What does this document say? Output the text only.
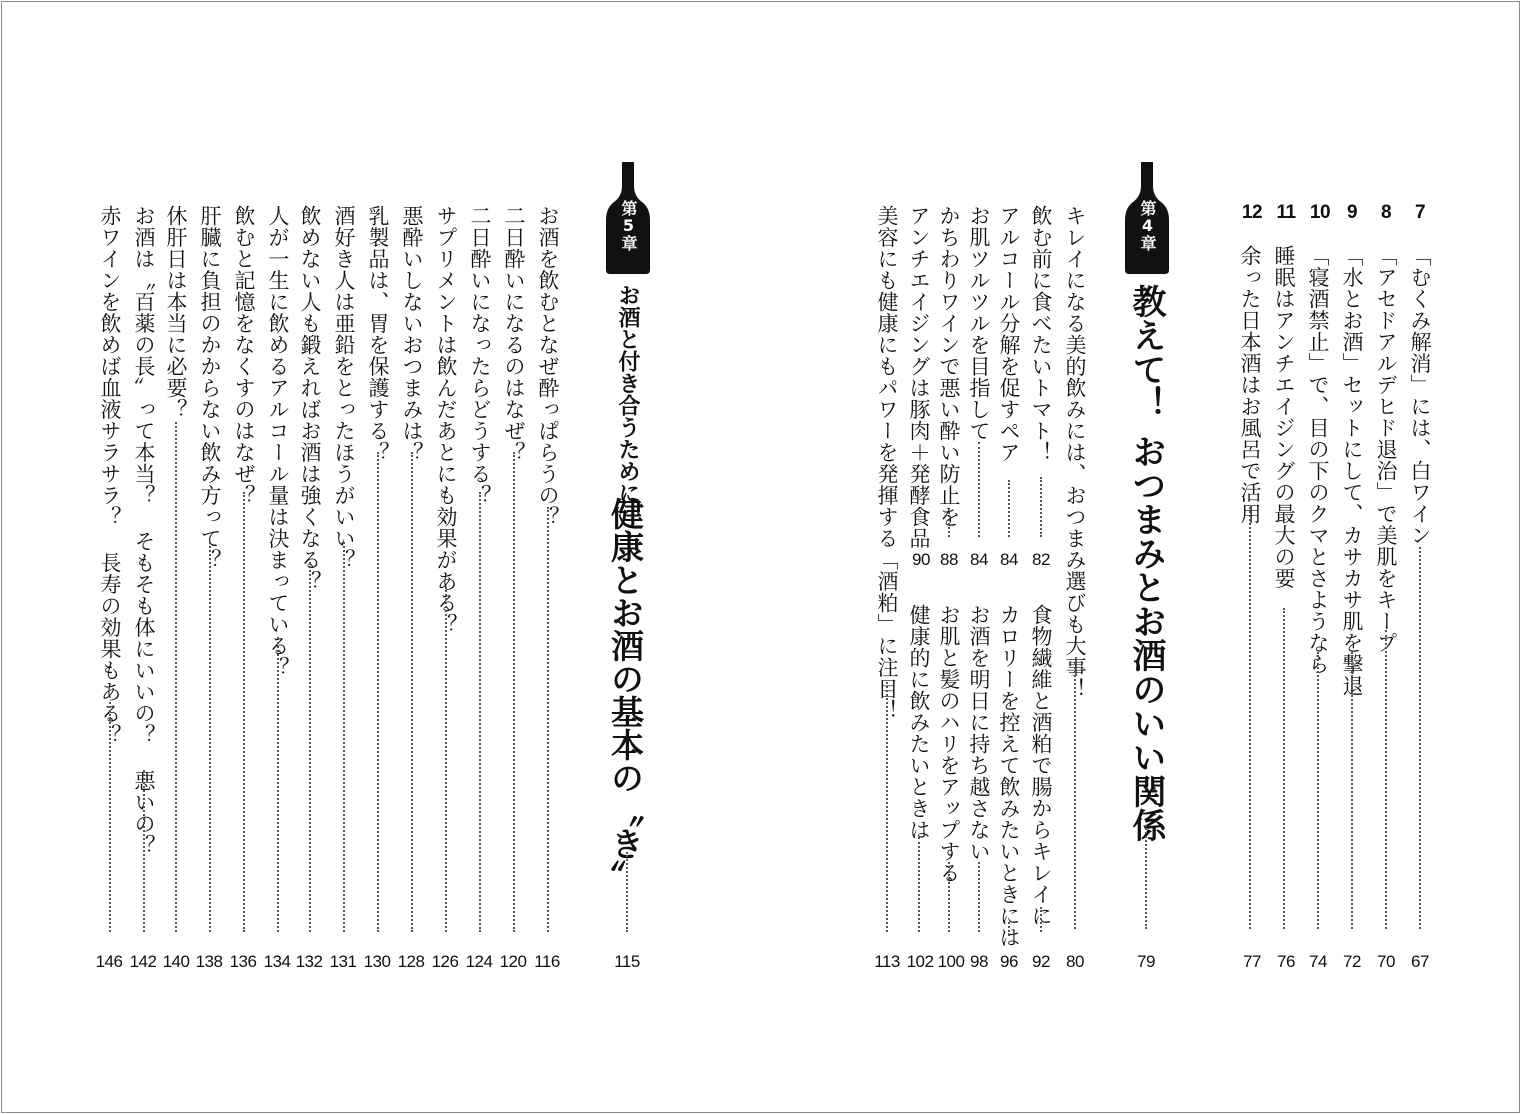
7
「むくみ解消」には、白ワイン
67
8
「アセドアルデヒド退治」で美肌をキープ
70
9
「水とお酒」セットにして、カサカサ肌を撃退
72
10
「寝酒禁止」で、目の下のクマとさようなら
74
11
睡眠はアンチエイジングの最大の要
76
12
余った日本酒はお風呂で活用
77
第4章
教えて！
おつまみとお酒のいい関係
79
キレイになる美的飲みには、おつまみ選びも大事！
80
飲む前に食べたいトマト！
82
食物繊維と酒粕で腸からキレイに
92
アルコール分解を促すペア
84
カロリーを控えて飲みたいときには
96
お肌ツルツルを目指して
84
お酒を明日に持ち越さない
98
かちわりワインで悪い酔い防止を
88
お肌と髪のハリをアップする
100
アンチエイジングは豚肉＋発酵食品
90
健康的に飲みたいときは
102
美容にも健康にもパワーを発揮する「酒粕」に注目！
113
第5章
お酒と付き合うために
健康とお酒の基本の〝き〟
115
お酒を飲むとなぜ酔っぱらうの？
116
二日酔いになるのはなぜ？
120
二日酔いになったらどうする？
124
サプリメントは飲んだあとにも効果がある？
126
悪酔いしないおつまみは？
128
乳製品は、胃を保護する？
130
酒好き人は亜鉛をとったほうがいい？
131
飲めない人も鍛えればお酒は強くなる？
132
人が一生に飲めるアルコール量は決まっている？
134
飲むと記憶をなくすのはなぜ？
136
肝臓に負担のかからない飲み方って？
138
休肝日は本当に必要？
140
お酒は〝百薬の長〟って本当？ そもそも体にいいの？ 悪いの？
142
赤ワインを飲めば血液サラサラ？ 長寿の効果もある？
146
